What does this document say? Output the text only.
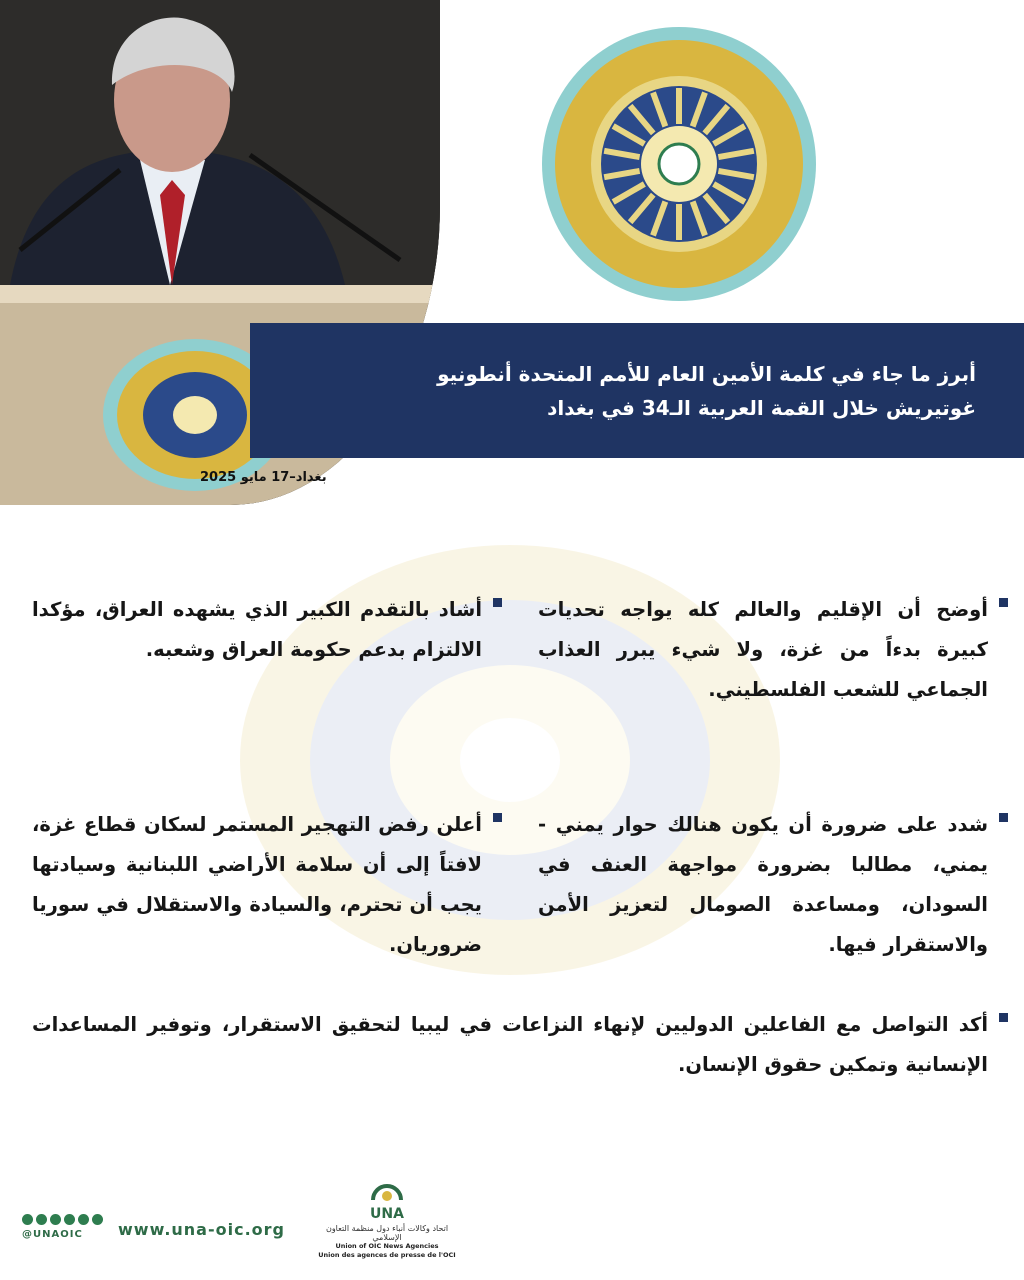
أبرز ما جاء في كلمة الأمين العام للأمم المتحدة أنطونيو غوتيريش خلال القمة العربية الـ34 في بغداد

بغداد–17 مايو 2025
أوضح أن الإقليم والعالم كله يواجه تحديات كبيرة بدءاً من غزة، ولا شيء يبرر العذاب الجماعي للشعب الفلسطيني.
أشاد بالتقدم الكبير الذي يشهده العراق، مؤكدا الالتزام بدعم حكومة العراق وشعبه.
شدد على ضرورة أن يكون هنالك حوار يمني - يمني، مطالبا بضرورة مواجهة العنف في السودان، ومساعدة الصومال لتعزيز الأمن والاستقرار فيها.
أعلن رفض التهجير المستمر لسكان قطاع غزة، لافتاً إلى أن سلامة الأراضي اللبنانية وسيادتها يجب أن تحترم، والسيادة والاستقلال في سوريا ضروريان.
أكد التواصل مع الفاعلين الدوليين لإنهاء النزاعات في ليبيا لتحقيق الاستقرار، وتوفير المساعدات الإنسانية وتمكين حقوق الإنسان.
@UNAOIC	www.una-oic.org
UNA
اتحاد وكالات أنباء دول منظمة التعاون الإسلامي
Union of OIC News Agencies
Union des agences de presse de l'OCI
